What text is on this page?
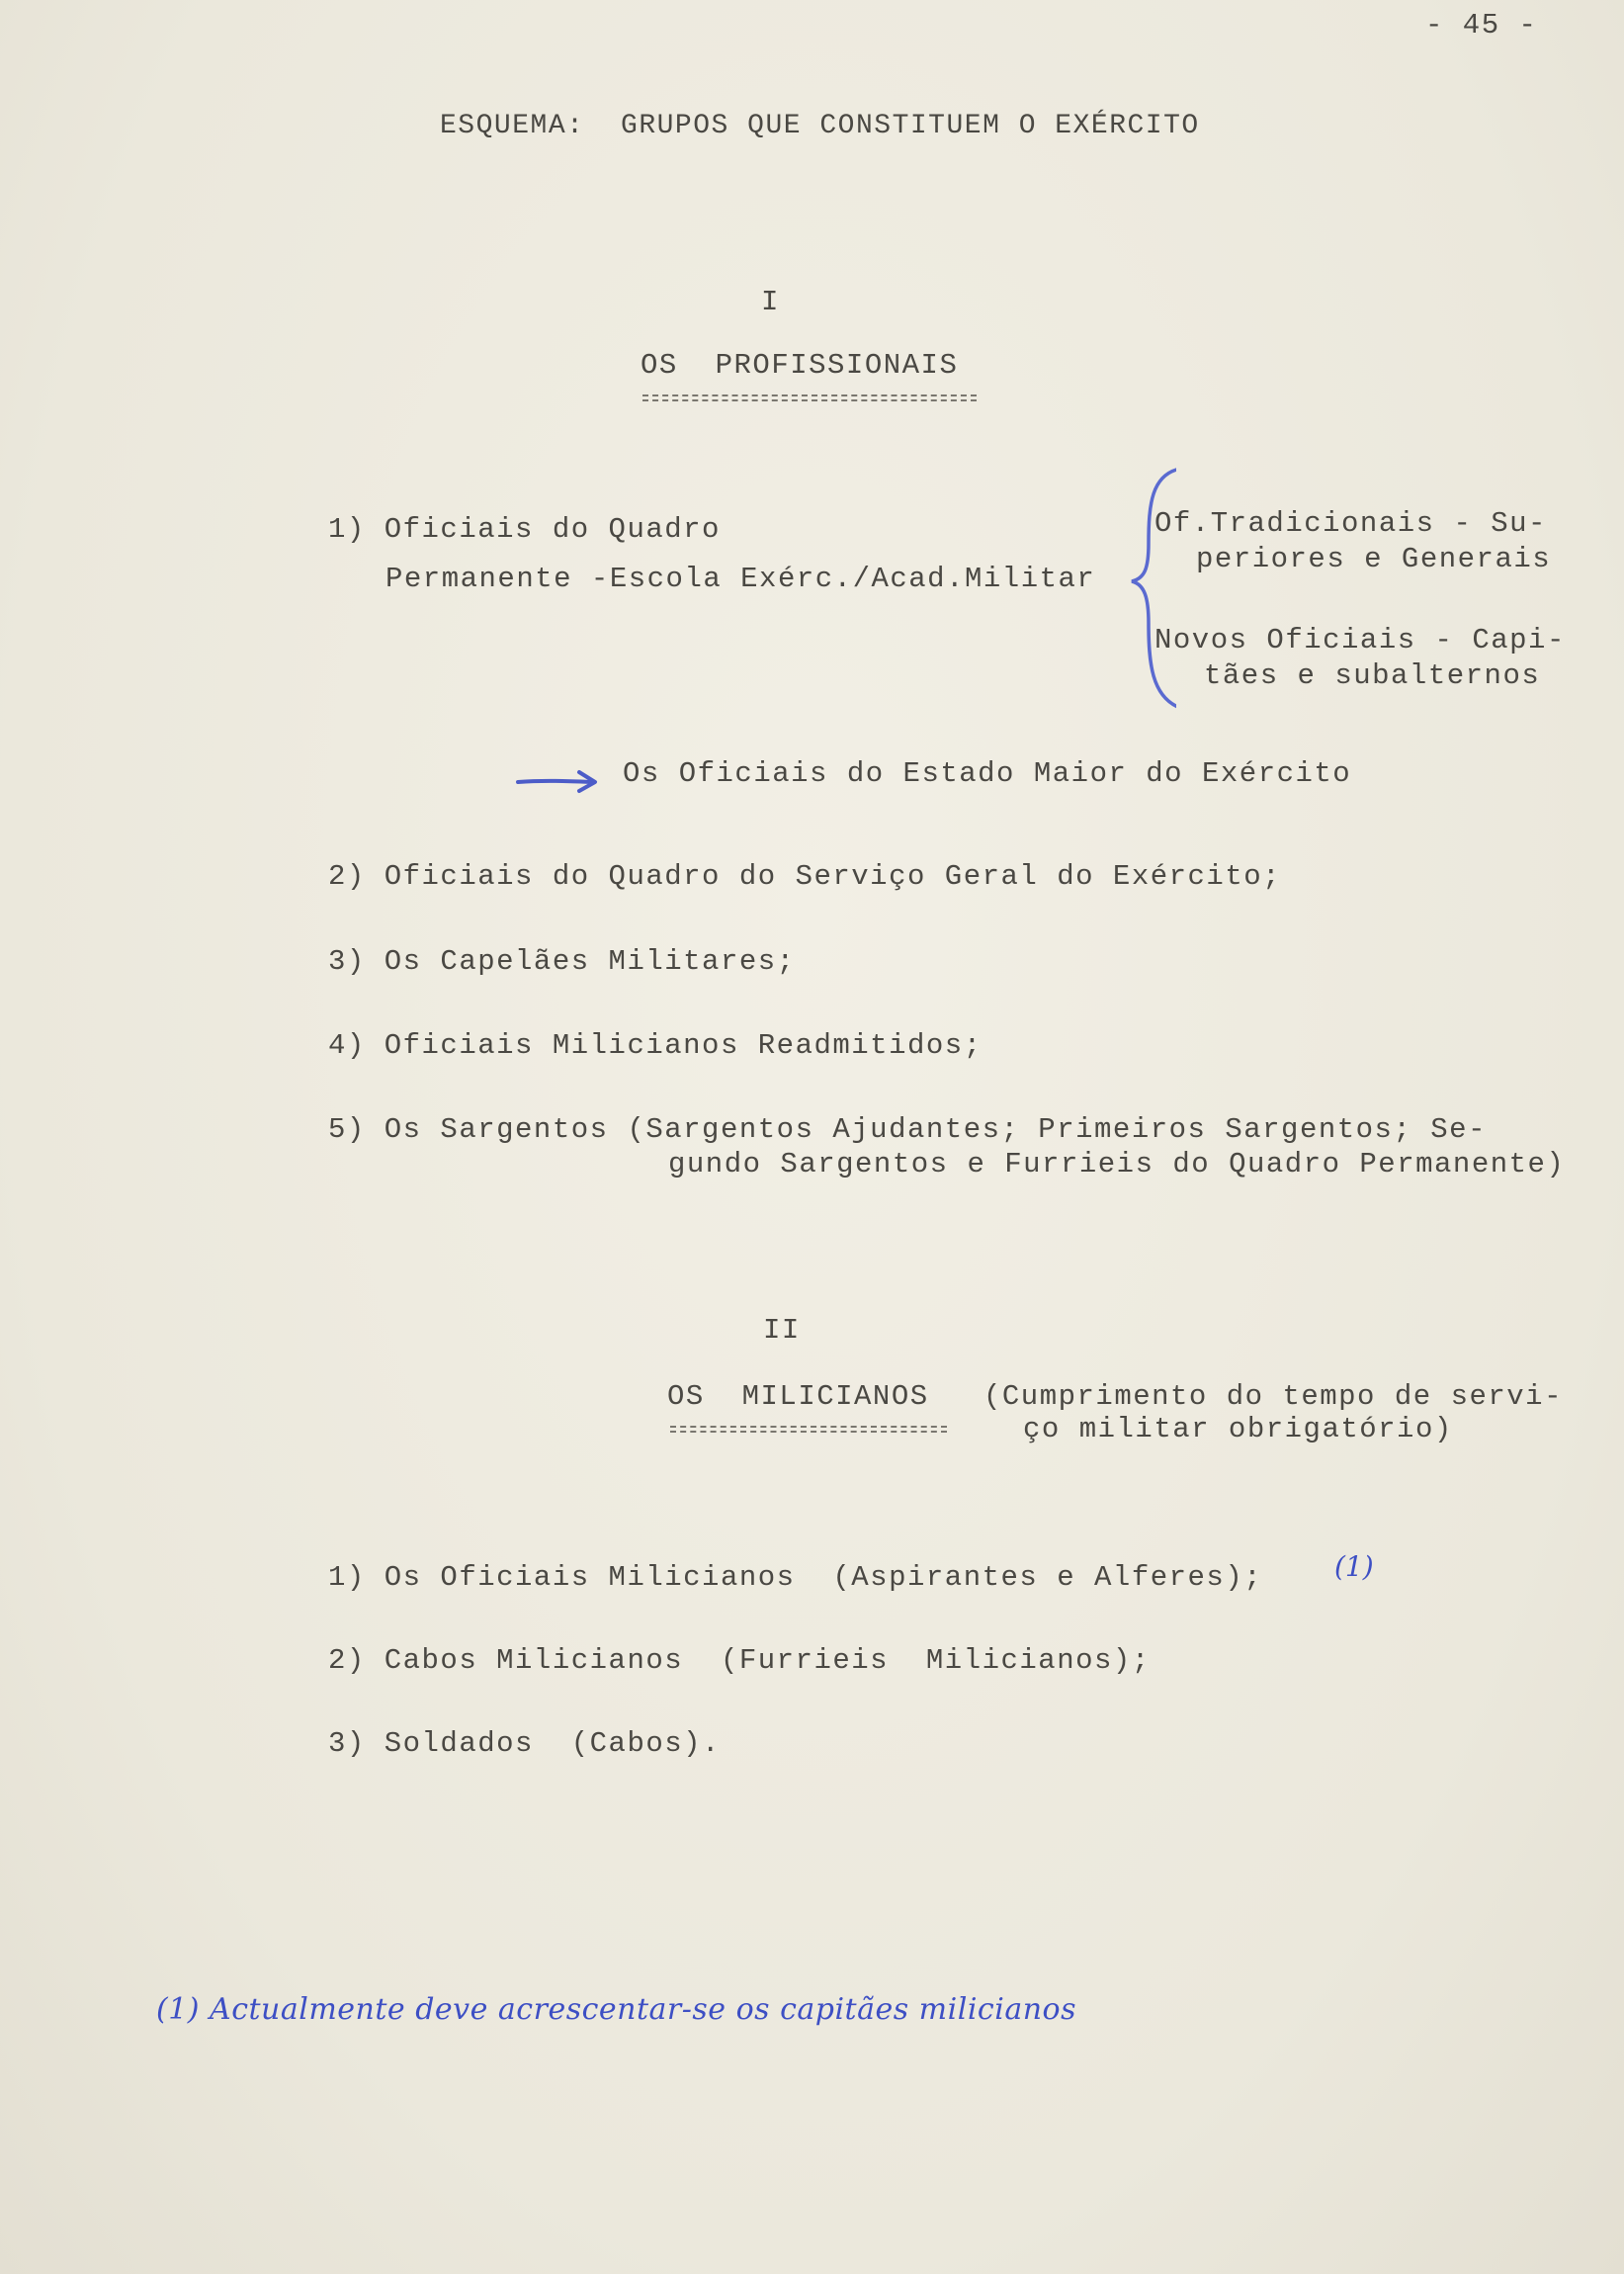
- 45 -
ESQUEMA:  GRUPOS QUE CONSTITUEM O EXÉRCITO
I
OS  PROFISSIONAIS
1) Oficiais do Quadro
Permanente -Escola Exérc./Acad.Militar
Of.Tradicionais - Su-
periores e Generais
Novos Oficiais - Capi-
tães e subalternos
Os Oficiais do Estado Maior do Exército
2) Oficiais do Quadro do Serviço Geral do Exército;
3) Os Capelães Militares;
4) Oficiais Milicianos Readmitidos;
5) Os Sargentos (Sargentos Ajudantes; Primeiros Sargentos; Se-
gundo Sargentos e Furrieis do Quadro Permanente)
II
OS  MILICIANOS (Cumprimento do tempo de servi-
ço militar obrigatório)
1) Os Oficiais Milicianos  (Aspirantes e Alferes);	(1)
2) Cabos Milicianos  (Furrieis  Milicianos);
3) Soldados  (Cabos).
(1) Actualmente deve acrescentar-se os capitães milicianos
